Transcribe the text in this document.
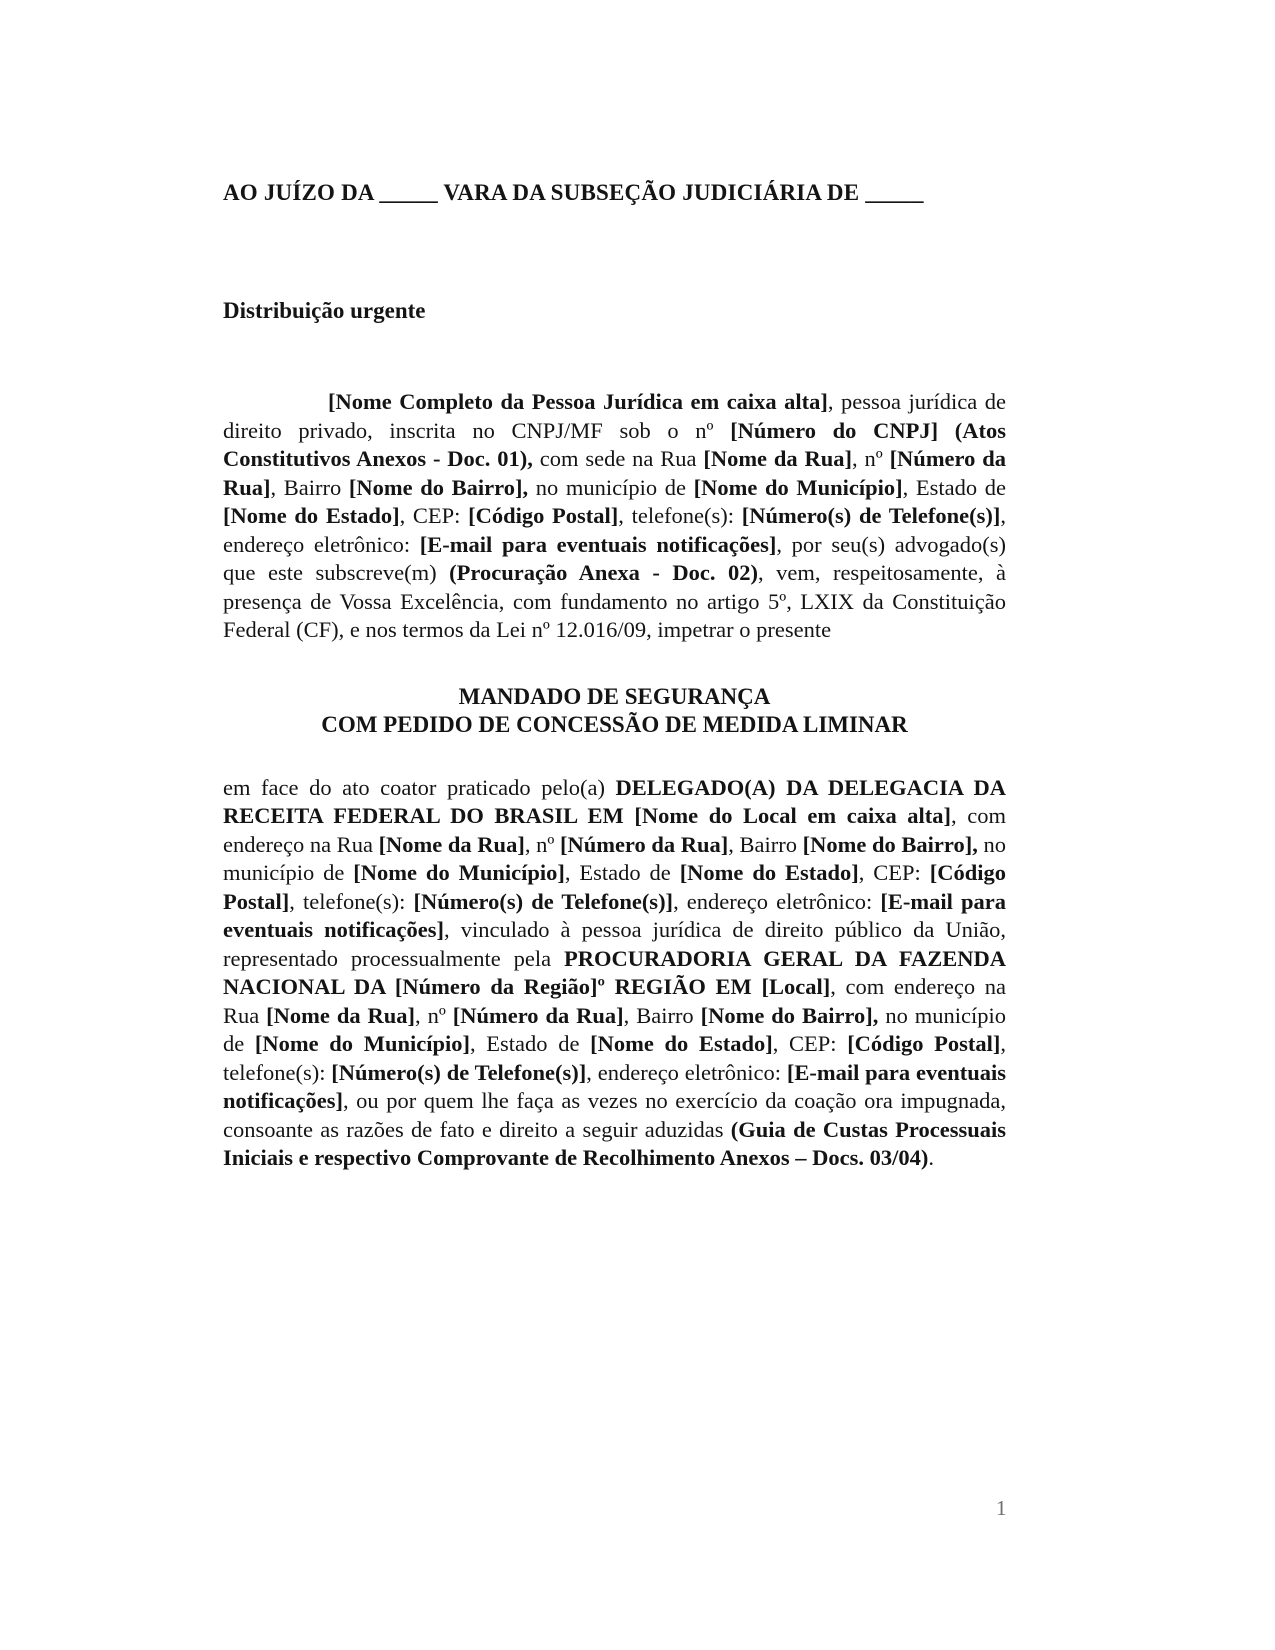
AO JUÍZO DA _____ VARA DA SUBSEÇÃO JUDICIÁRIA DE _____

Distribuição urgente

[Nome Completo da Pessoa Jurídica em caixa alta], pessoa jurídica de direito privado, inscrita no CNPJ/MF sob o nº [Número do CNPJ] (Atos Constitutivos Anexos - Doc. 01), com sede na Rua [Nome da Rua], nº [Número da Rua], Bairro [Nome do Bairro], no município de [Nome do Município], Estado de [Nome do Estado], CEP: [Código Postal], telefone(s): [Número(s) de Telefone(s)], endereço eletrônico: [E-mail para eventuais notificações], por seu(s) advogado(s) que este subscreve(m) (Procuração Anexa - Doc. 02), vem, respeitosamente, à presença de Vossa Excelência, com fundamento no artigo 5º, LXIX da Constituição Federal (CF), e nos termos da Lei nº 12.016/09, impetrar o presente

MANDADO DE SEGURANÇA
COM PEDIDO DE CONCESSÃO DE MEDIDA LIMINAR

em face do ato coator praticado pelo(a) DELEGADO(A) DA DELEGACIA DA RECEITA FEDERAL DO BRASIL EM [Nome do Local em caixa alta], com endereço na Rua [Nome da Rua], nº [Número da Rua], Bairro [Nome do Bairro], no município de [Nome do Município], Estado de [Nome do Estado], CEP: [Código Postal], telefone(s): [Número(s) de Telefone(s)], endereço eletrônico: [E-mail para eventuais notificações], vinculado à pessoa jurídica de direito público da União, representado processualmente pela PROCURADORIA GERAL DA FAZENDA NACIONAL DA [Número da Região]º REGIÃO EM [Local], com endereço na Rua [Nome da Rua], nº [Número da Rua], Bairro [Nome do Bairro], no município de [Nome do Município], Estado de [Nome do Estado], CEP: [Código Postal], telefone(s): [Número(s) de Telefone(s)], endereço eletrônico: [E-mail para eventuais notificações], ou por quem lhe faça as vezes no exercício da coação ora impugnada, consoante as razões de fato e direito a seguir aduzidas (Guia de Custas Processuais Iniciais e respectivo Comprovante de Recolhimento Anexos – Docs. 03/04).

1
